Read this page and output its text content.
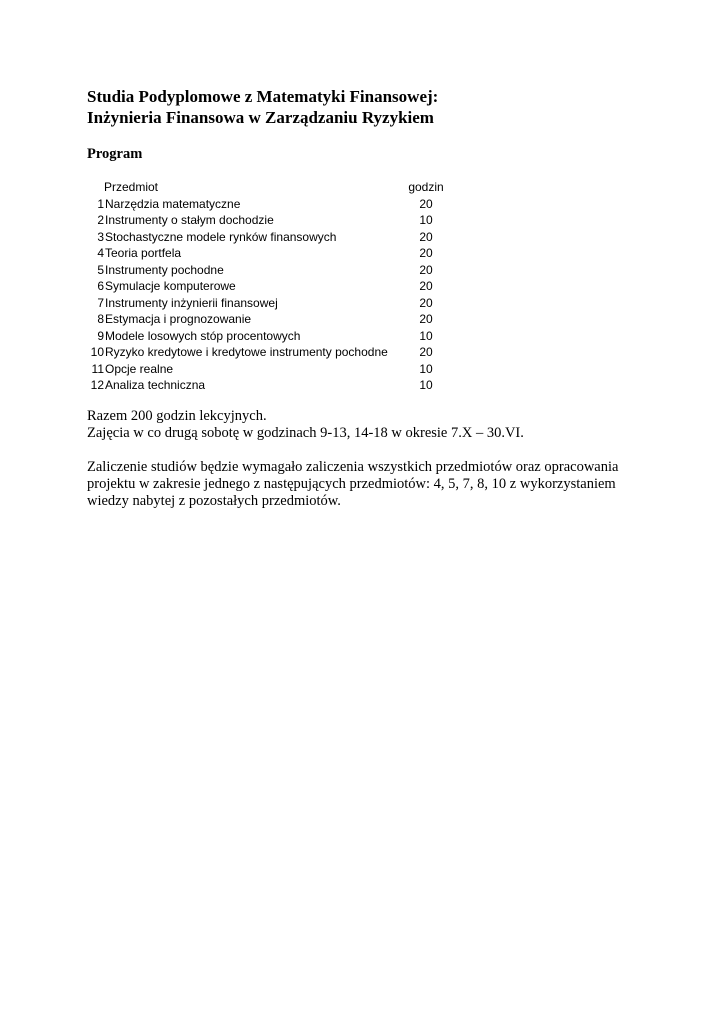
Studia Podyplomowe z Matematyki Finansowej:
Inżynieria Finansowa w Zarządzaniu Ryzykiem
Program
Przedmiot	godzin
1 Narzędzia matematyczne	20
2 Instrumenty o stałym dochodzie	10
3 Stochastyczne modele rynków finansowych	20
4 Teoria portfela	20
5 Instrumenty pochodne	20
6 Symulacje komputerowe	20
7 Instrumenty inżynierii finansowej	20
8 Estymacja i prognozowanie	20
9 Modele losowych stóp procentowych	10
10 Ryzyko kredytowe i kredytowe instrumenty pochodne	20
11 Opcje realne	10
12 Analiza techniczna	10
Razem 200 godzin lekcyjnych.
Zajęcia w co drugą sobotę w godzinach 9-13, 14-18 w okresie 7.X – 30.VI.
Zaliczenie studiów będzie wymagało zaliczenia wszystkich przedmiotów oraz opracowania
projektu w zakresie jednego z następujących przedmiotów: 4, 5, 7, 8, 10 z wykorzystaniem
wiedzy nabytej z pozostałych przedmiotów.
